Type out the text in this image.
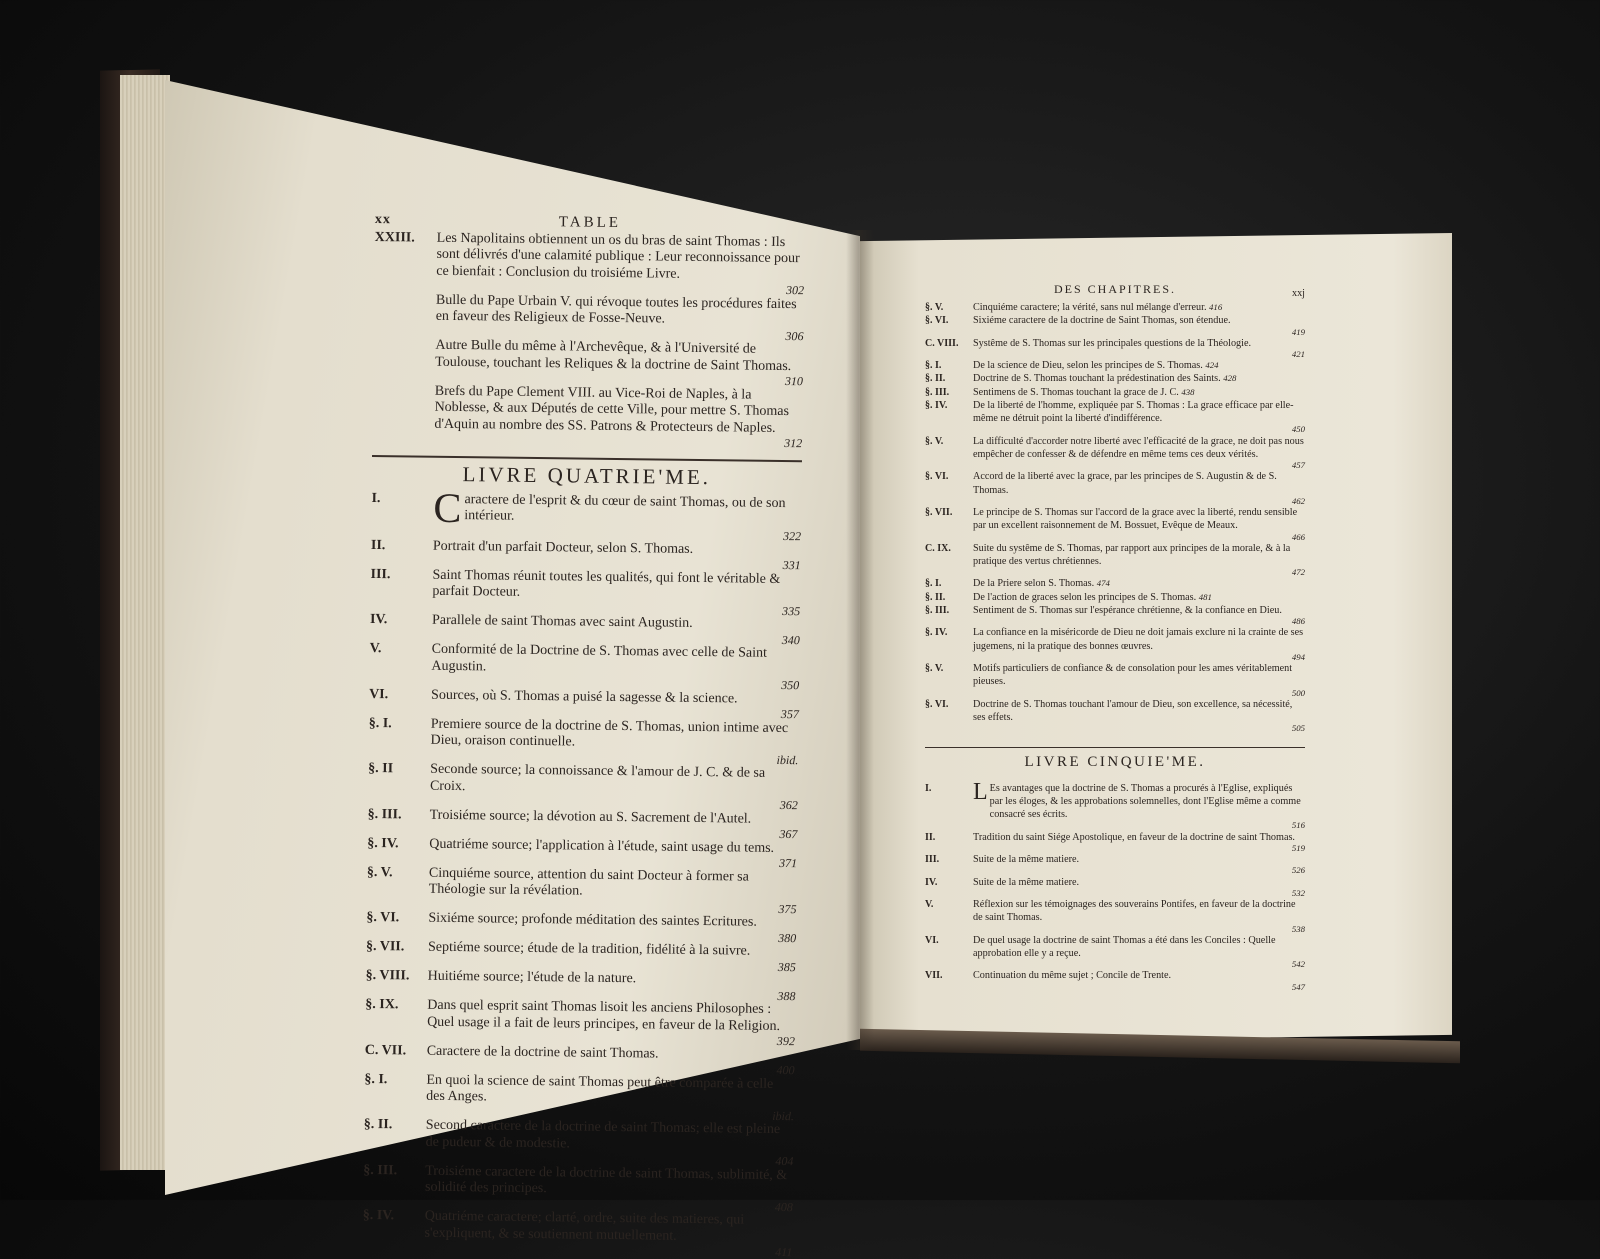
xx	TABLE
XXIII.	Les Napolitains obtiennent un os du bras de saint Thomas : Ils sont délivrés d'une calamité publique : Leur reconnoissance pour ce bienfait : Conclusion du troisiéme Livre.
302
Bulle du Pape Urbain V. qui révoque toutes les procédures faites en faveur des Religieux de Fosse-Neuve.
306
Autre Bulle du même à l'Archevêque, & à l'Université de Toulouse, touchant les Reliques & la doctrine de Saint Thomas.
310
Brefs du Pape Clement VIII. au Vice-Roi de Naples, à la Noblesse, & aux Députés de cette Ville, pour mettre S. Thomas d'Aquin au nombre des SS. Patrons & Protecteurs de Naples.
312
LIVRE QUATRIE'ME.
I.	C aractere de l'esprit & du cœur de saint Thomas, ou de son intérieur.
322
II.	Portrait d'un parfait Docteur, selon S. Thomas.
331
III.	Saint Thomas réunit toutes les qualités, qui font le véritable & parfait Docteur.
335
IV.	Parallele de saint Thomas avec saint Augustin.
340
V.	Conformité de la Doctrine de S. Thomas avec celle de Saint Augustin.
350
VI.	Sources, où S. Thomas a puisé la sagesse & la science.
357
§. I.	Premiere source de la doctrine de S. Thomas, union intime avec Dieu, oraison continuelle.
ibid.
§. II	Seconde source; la connoissance & l'amour de J. C. & de sa Croix.
362
§. III.	Troisiéme source; la dévotion au S. Sacrement de l'Autel.
367
§. IV.	Quatriéme source; l'application à l'étude, saint usage du tems.
371
§. V.	Cinquiéme source, attention du saint Docteur à former sa Théologie sur la révélation.
375
§. VI.	Sixiéme source; profonde méditation des saintes Ecritures.
380
§. VII.	Septiéme source; étude de la tradition, fidélité à la suivre.
385
§. VIII.	Huitiéme source; l'étude de la nature.
388
§. IX.	Dans quel esprit saint Thomas lisoit les anciens Philosophes : Quel usage il a fait de leurs principes, en faveur de la Religion.
392
C. VII.	Caractere de la doctrine de saint Thomas.
400
§. I.	En quoi la science de saint Thomas peut être comparée à celle des Anges.
ibid.
§. II.	Second caractere de la doctrine de saint Thomas; elle est pleine de pudeur & de modestie.
404
§. III.	Troisiéme caractere de la doctrine de saint Thomas, sublimité, & solidité des principes.
408
§. IV.	Quatriéme caractere; clarté, ordre, suite des matieres, qui s'expliquent, & se soutiennent mutuellement.
411
DES CHAPITRES.	xxj
§. V.	Cinquiéme caractere; la vérité, sans nul mélange d'erreur. 416
§. VI.	Sixiéme caractere de la doctrine de Saint Thomas, son étendue.
419
C. VIII.	Systême de S. Thomas sur les principales questions de la Théologie.
421
§. I.	De la science de Dieu, selon les principes de S. Thomas. 424
§. II.	Doctrine de S. Thomas touchant la prédestination des Saints. 428
§. III.	Sentimens de S. Thomas touchant la grace de J. C. 438
§. IV.	De la liberté de l'homme, expliquée par S. Thomas : La grace efficace par elle-même ne détruit point la liberté d'indifférence.
450
§. V.	La difficulté d'accorder notre liberté avec l'efficacité de la grace, ne doit pas nous empêcher de confesser & de défendre en même tems ces deux vérités.
457
§. VI.	Accord de la liberté avec la grace, par les principes de S. Augustin & de S. Thomas.
462
§. VII.	Le principe de S. Thomas sur l'accord de la grace avec la liberté, rendu sensible par un excellent raisonnement de M. Bossuet, Evêque de Meaux.
466
C. IX.	Suite du systême de S. Thomas, par rapport aux principes de la morale, & à la pratique des vertus chrétiennes.
472
§. I.	De la Priere selon S. Thomas. 474
§. II.	De l'action de graces selon les principes de S. Thomas. 481
§. III.	Sentiment de S. Thomas sur l'espérance chrétienne, & la confiance en Dieu.
486
§. IV.	La confiance en la miséricorde de Dieu ne doit jamais exclure ni la crainte de ses jugemens, ni la pratique des bonnes œuvres.
494
§. V.	Motifs particuliers de confiance & de consolation pour les ames véritablement pieuses.
500
§. VI.	Doctrine de S. Thomas touchant l'amour de Dieu, son excellence, sa nécessité, ses effets.
505
LIVRE CINQUIE'ME.
I.	L Es avantages que la doctrine de S. Thomas a procurés à l'Eglise, expliqués par les éloges, & les approbations solemnelles, dont l'Eglise même a comme consacré ses écrits.
516
II.	Tradition du saint Siége Apostolique, en faveur de la doctrine de saint Thomas.
519
III.	Suite de la même matiere.
526
IV.	Suite de la même matiere.
532
V.	Réflexion sur les témoignages des souverains Pontifes, en faveur de la doctrine de saint Thomas.
538
VI.	De quel usage la doctrine de saint Thomas a été dans les Conciles : Quelle approbation elle y a reçue.
542
VII.	Continuation du même sujet ; Concile de Trente.
547
